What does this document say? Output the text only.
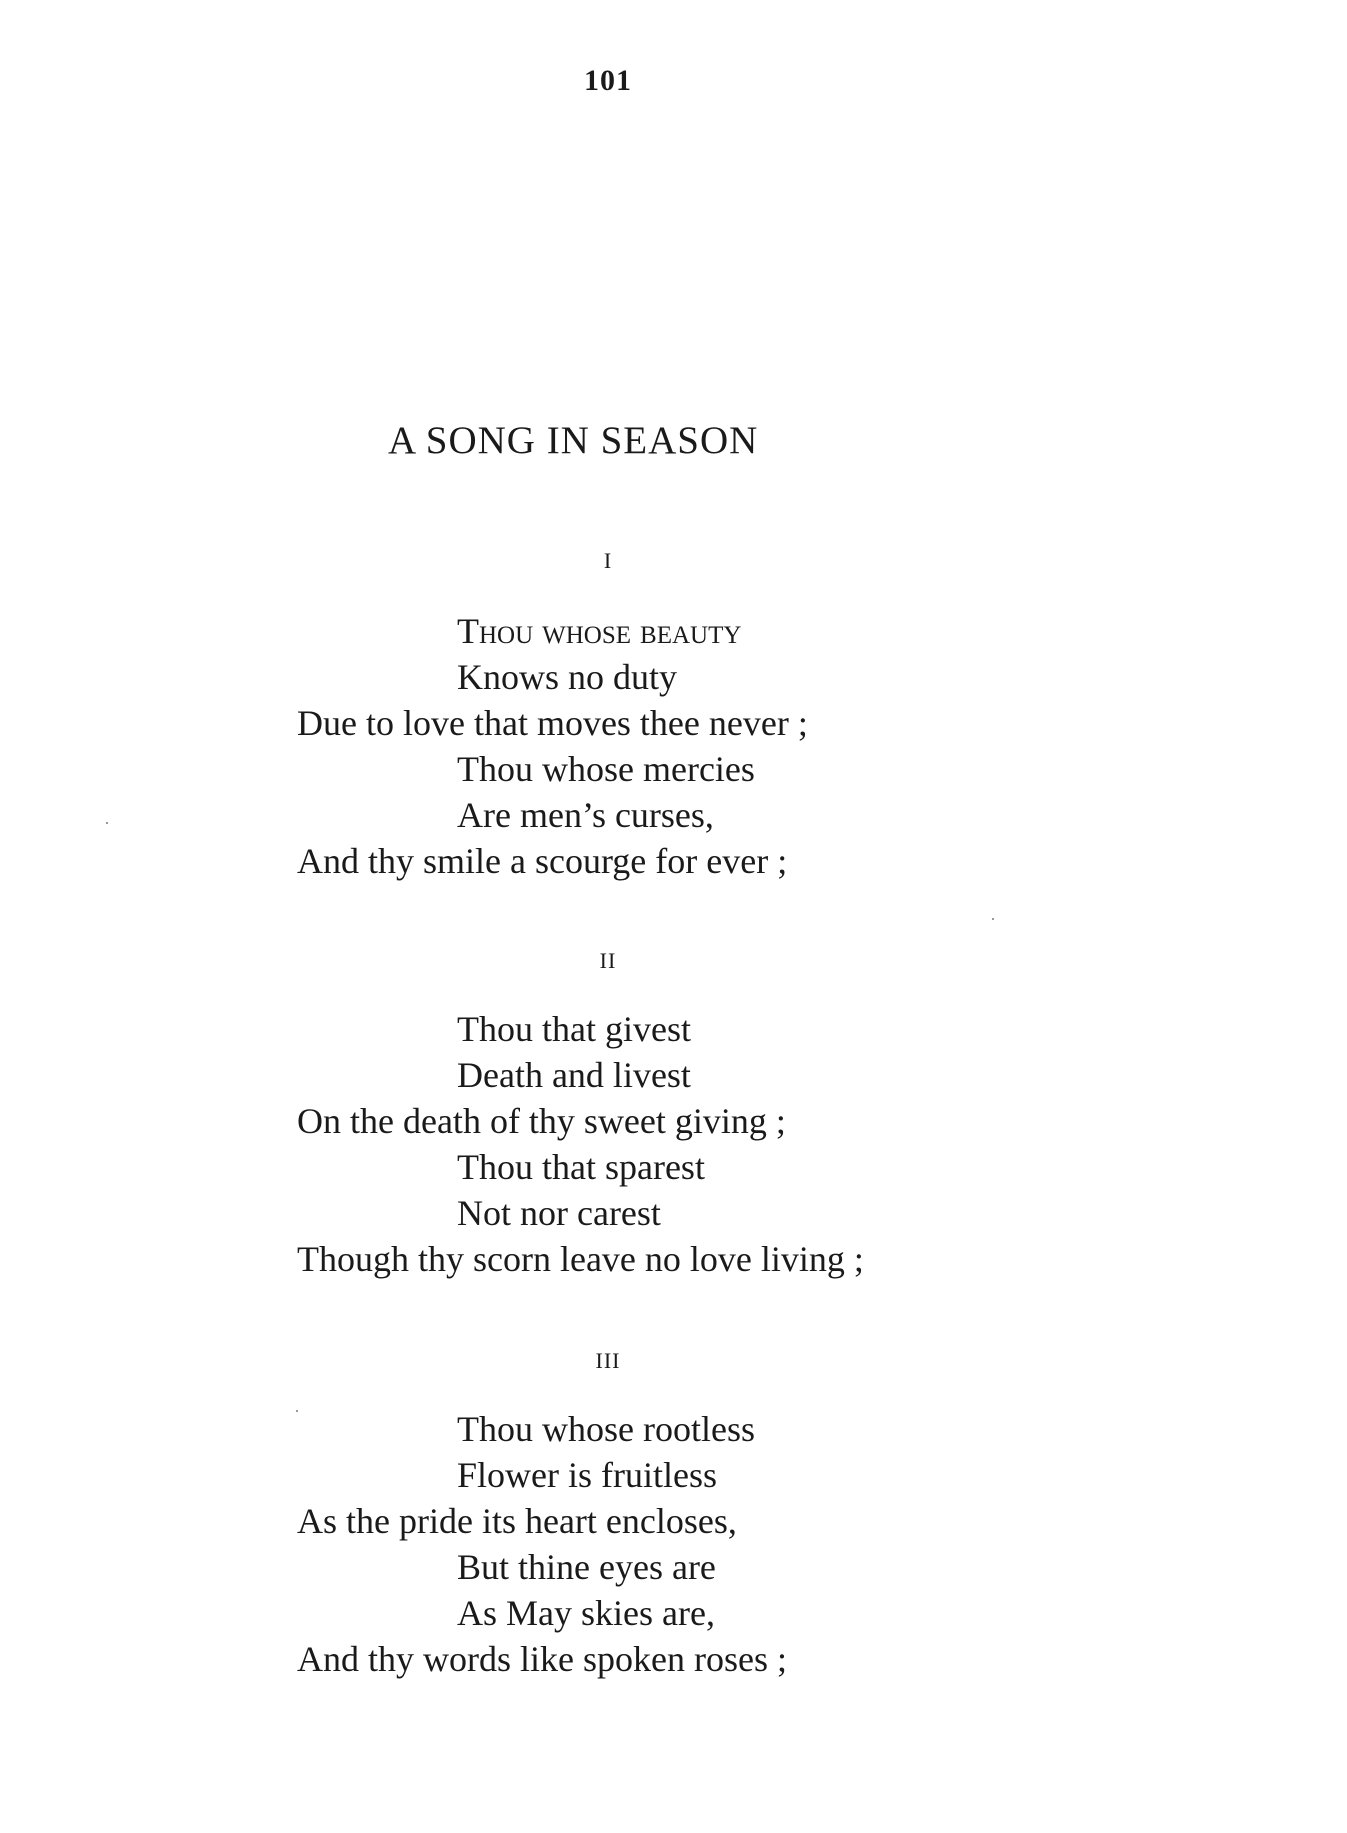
101
A SONG IN SEASON
I
Thou whose beauty
Knows no duty
Due to love that moves thee never ;
Thou whose mercies
Are men’s curses,
And thy smile a scourge for ever ;
II
Thou that givest
Death and livest
On the death of thy sweet giving ;
Thou that sparest
Not nor carest
Though thy scorn leave no love living ;
III
Thou whose rootless
Flower is fruitless
As the pride its heart encloses,
But thine eyes are
As May skies are,
And thy words like spoken roses ;
